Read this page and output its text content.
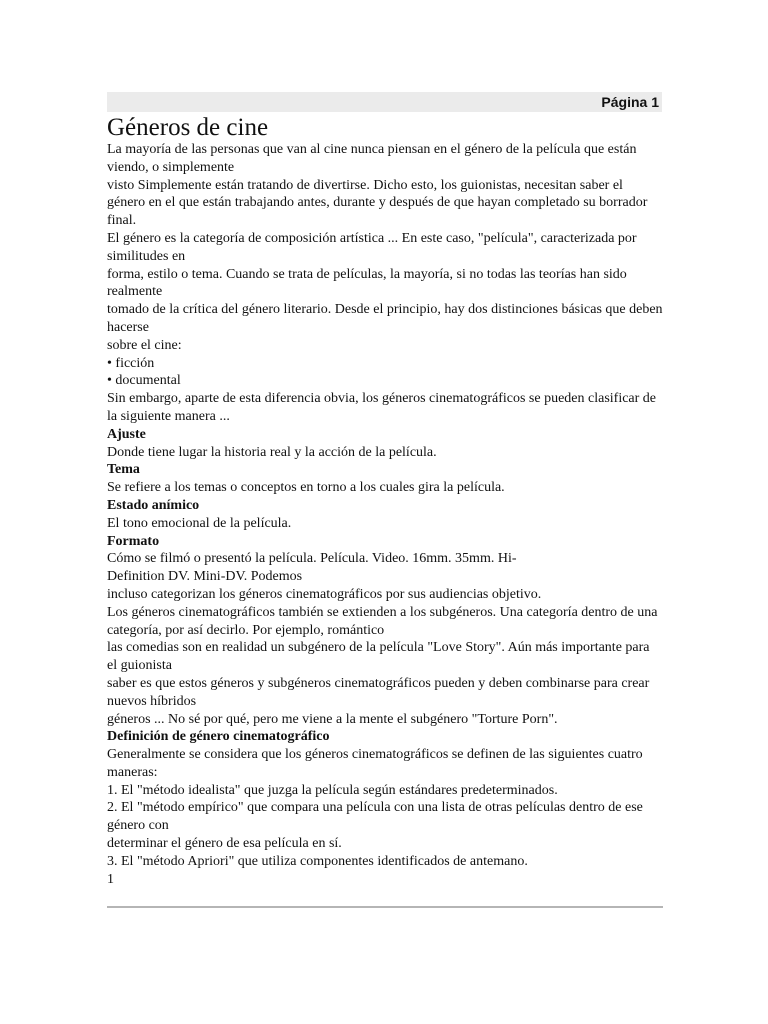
Página 1
Géneros de cine
La mayoría de las personas que van al cine nunca piensan en el género de la película que están viendo, o simplemente
visto Simplemente están tratando de divertirse. Dicho esto, los guionistas, necesitan saber el
género en el que están trabajando antes, durante y después de que hayan completado su borrador final.
El género es la categoría de composición artística ... En este caso, "película", caracterizada por similitudes en
forma, estilo o tema. Cuando se trata de películas, la mayoría, si no todas las teorías han sido realmente
tomado de la crítica del género literario. Desde el principio, hay dos distinciones básicas que deben hacerse
sobre el cine:
• ficción
• documental
Sin embargo, aparte de esta diferencia obvia, los géneros cinematográficos se pueden clasificar de la siguiente manera ...
Ajuste
Donde tiene lugar la historia real y la acción de la película.
Tema
Se refiere a los temas o conceptos en torno a los cuales gira la película.
Estado anímico
El tono emocional de la película.
Formato
Cómo se filmó o presentó la película. Película. Video. 16mm. 35mm. Hi-
Definition DV. Mini-DV. Podemos
incluso categorizan los géneros cinematográficos por sus audiencias objetivo.
Los géneros cinematográficos también se extienden a los subgéneros. Una categoría dentro de una categoría, por así decirlo. Por ejemplo, romántico
las comedias son en realidad un subgénero de la película "Love Story". Aún más importante para el guionista
saber es que estos géneros y subgéneros cinematográficos pueden y deben combinarse para crear nuevos híbridos
géneros ... No sé por qué, pero me viene a la mente el subgénero "Torture Porn".
Definición de género cinematográfico
Generalmente se considera que los géneros cinematográficos se definen de las siguientes cuatro maneras:
1. El "método idealista" que juzga la película según estándares predeterminados.
2. El "método empírico" que compara una película con una lista de otras películas dentro de ese género con
determinar el género de esa película en sí.
3. El "método Apriori" que utiliza componentes identificados de antemano.
1
